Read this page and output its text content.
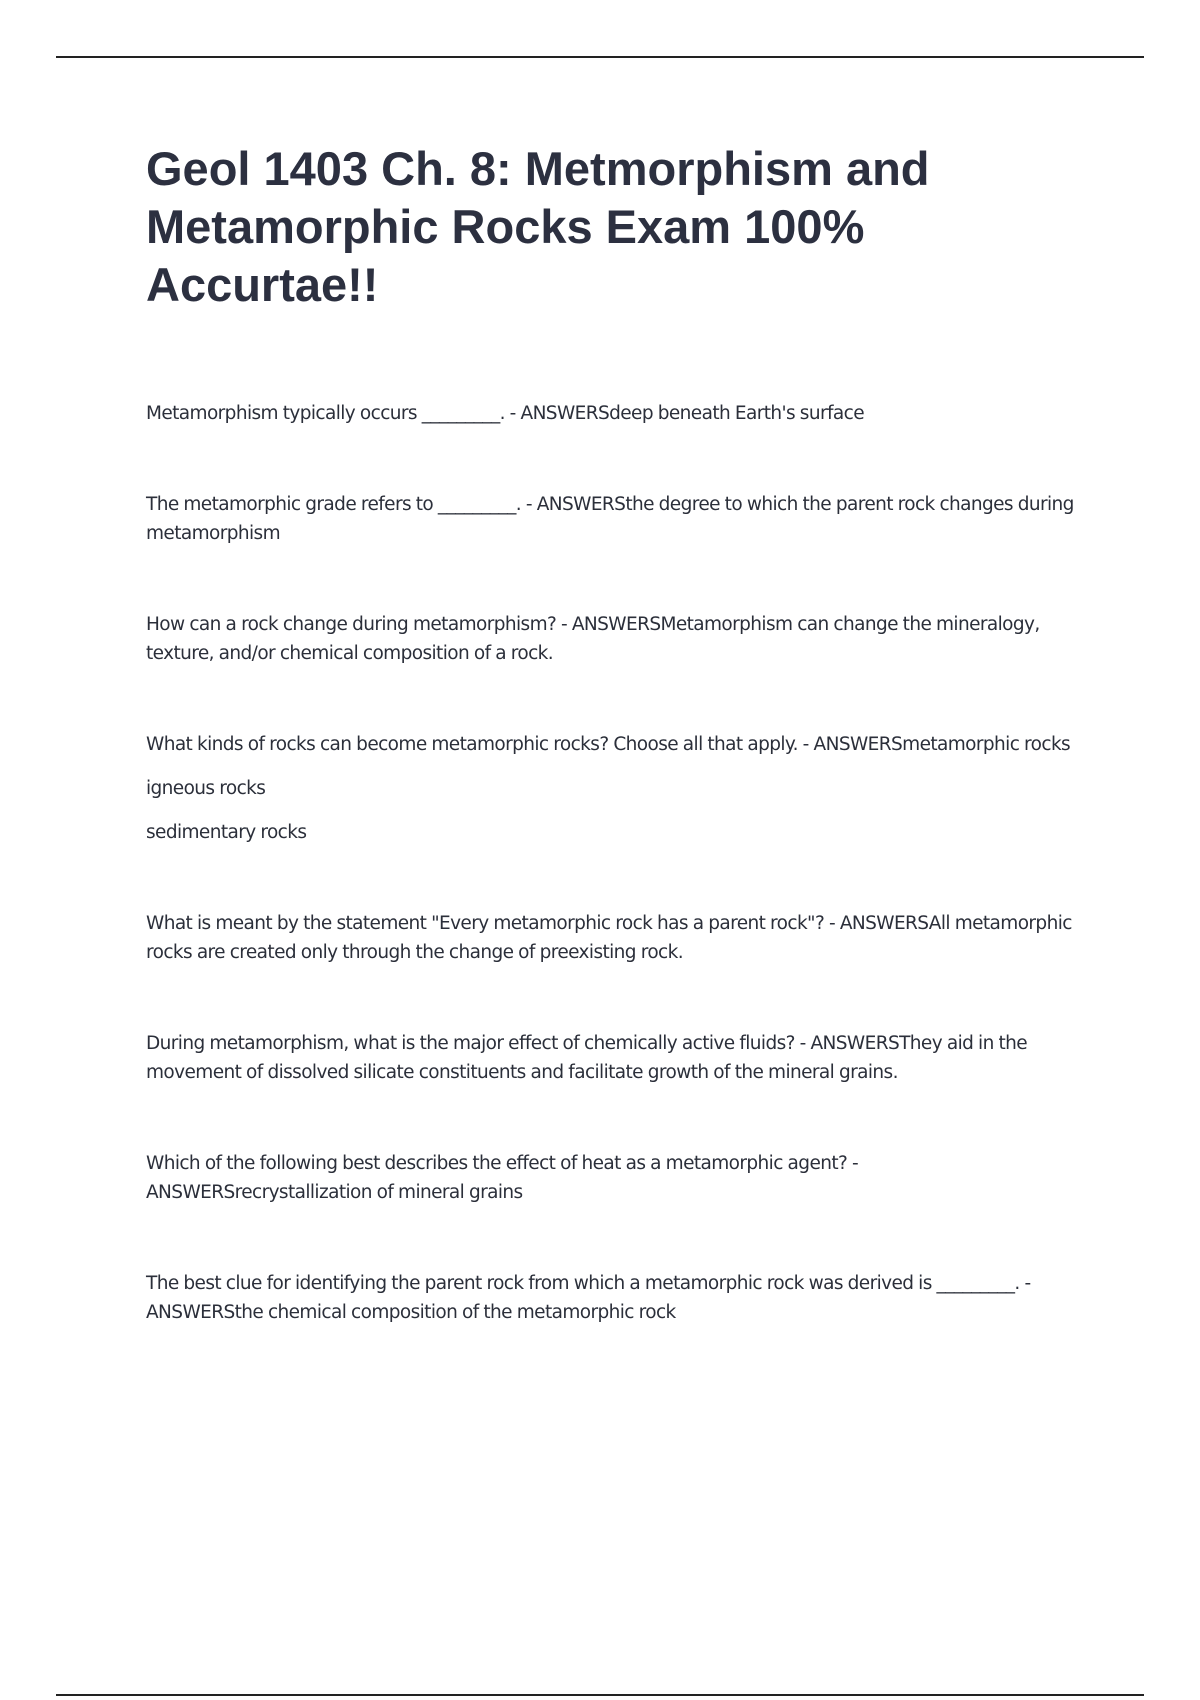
Geol 1403 Ch. 8: Metmorphism and Metamorphic Rocks Exam 100% Accurtae!!

Metamorphism typically occurs _________. - ANSWERSdeep beneath Earth's surface

The metamorphic grade refers to _________. - ANSWERSthe degree to which the parent rock changes during metamorphism

How can a rock change during metamorphism? - ANSWERSMetamorphism can change the mineralogy, texture, and/or chemical composition of a rock.

What kinds of rocks can become metamorphic rocks? Choose all that apply. - ANSWERSmetamorphic rocks
igneous rocks
sedimentary rocks

What is meant by the statement "Every metamorphic rock has a parent rock"? - ANSWERSAll metamorphic rocks are created only through the change of preexisting rock.

During metamorphism, what is the major effect of chemically active fluids? - ANSWERSThey aid in the movement of dissolved silicate constituents and facilitate growth of the mineral grains.

Which of the following best describes the effect of heat as a metamorphic agent? - ANSWERSrecrystallization of mineral grains

The best clue for identifying the parent rock from which a metamorphic rock was derived is _________. - ANSWERSthe chemical composition of the metamorphic rock
